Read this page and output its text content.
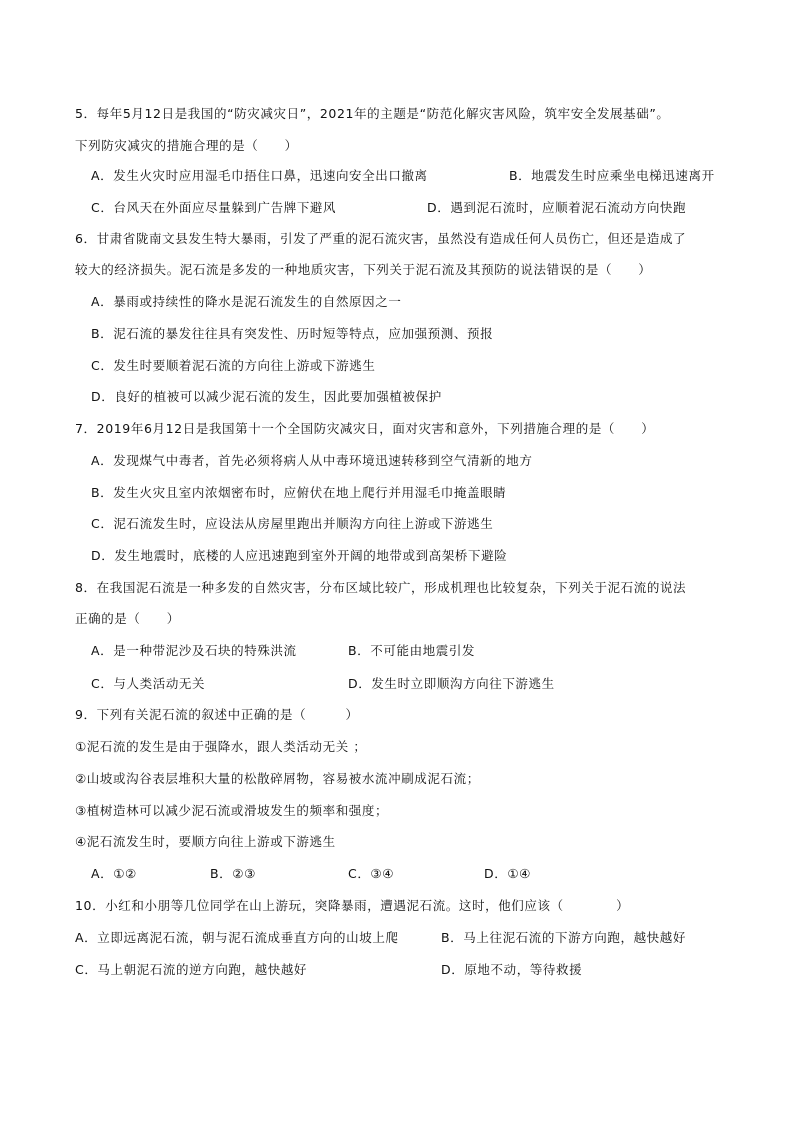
5．每年5月12日是我国的“防灾减灾日”，2021年的主题是“防范化解灾害风险，筑牢安全发展基础”。
下列防灾减灾的措施合理的是（　　）
A．发生火灾时应用湿毛巾捂住口鼻，迅速向安全出口撤离	B．地震发生时应乘坐电梯迅速离开
C．台风天在外面应尽量躲到广告牌下避风	D．遇到泥石流时，应顺着泥石流动方向快跑
6．甘肃省陇南文县发生特大暴雨，引发了严重的泥石流灾害，虽然没有造成任何人员伤亡，但还是造成了
较大的经济损失。泥石流是多发的一种地质灾害，下列关于泥石流及其预防的说法错误的是（　　）
A．暴雨或持续性的降水是泥石流发生的自然原因之一
B．泥石流的暴发往往具有突发性、历时短等特点，应加强预测、预报
C．发生时要顺着泥石流的方向往上游或下游逃生
D．良好的植被可以减少泥石流的发生，因此要加强植被保护
7．2019年6月12日是我国第十一个全国防灾减灾日，面对灾害和意外，下列措施合理的是（　　）
A．发现煤气中毒者，首先必须将病人从中毒环境迅速转移到空气清新的地方
B．发生火灾且室内浓烟密布时，应俯伏在地上爬行并用湿毛巾掩盖眼睛
C．泥石流发生时，应设法从房屋里跑出并顺沟方向往上游或下游逃生
D．发生地震时，底楼的人应迅速跑到室外开阔的地带或到高架桥下避险
8．在我国泥石流是一种多发的自然灾害，分布区域比较广，形成机理也比较复杂，下列关于泥石流的说法
正确的是（　　）
A．是一种带泥沙及石块的特殊洪流	B．不可能由地震引发
C．与人类活动无关	D．发生时立即顺沟方向往下游逃生
9．下列有关泥石流的叙述中正确的是（　　　）
①泥石流的发生是由于强降水，跟人类活动无关 ；
②山坡或沟谷表层堆积大量的松散碎屑物，容易被水流冲刷成泥石流；
③植树造林可以减少泥石流或滑坡发生的频率和强度；
④泥石流发生时，要顺方向往上游或下游逃生
A．①②	B．②③	C．③④	D．①④
10．小红和小朋等几位同学在山上游玩，突降暴雨，遭遇泥石流。这时，他们应该（　　　　）
A．立即远离泥石流，朝与泥石流成垂直方向的山坡上爬	B．马上往泥石流的下游方向跑，越快越好
C．马上朝泥石流的逆方向跑，越快越好	D．原地不动，等待救援
